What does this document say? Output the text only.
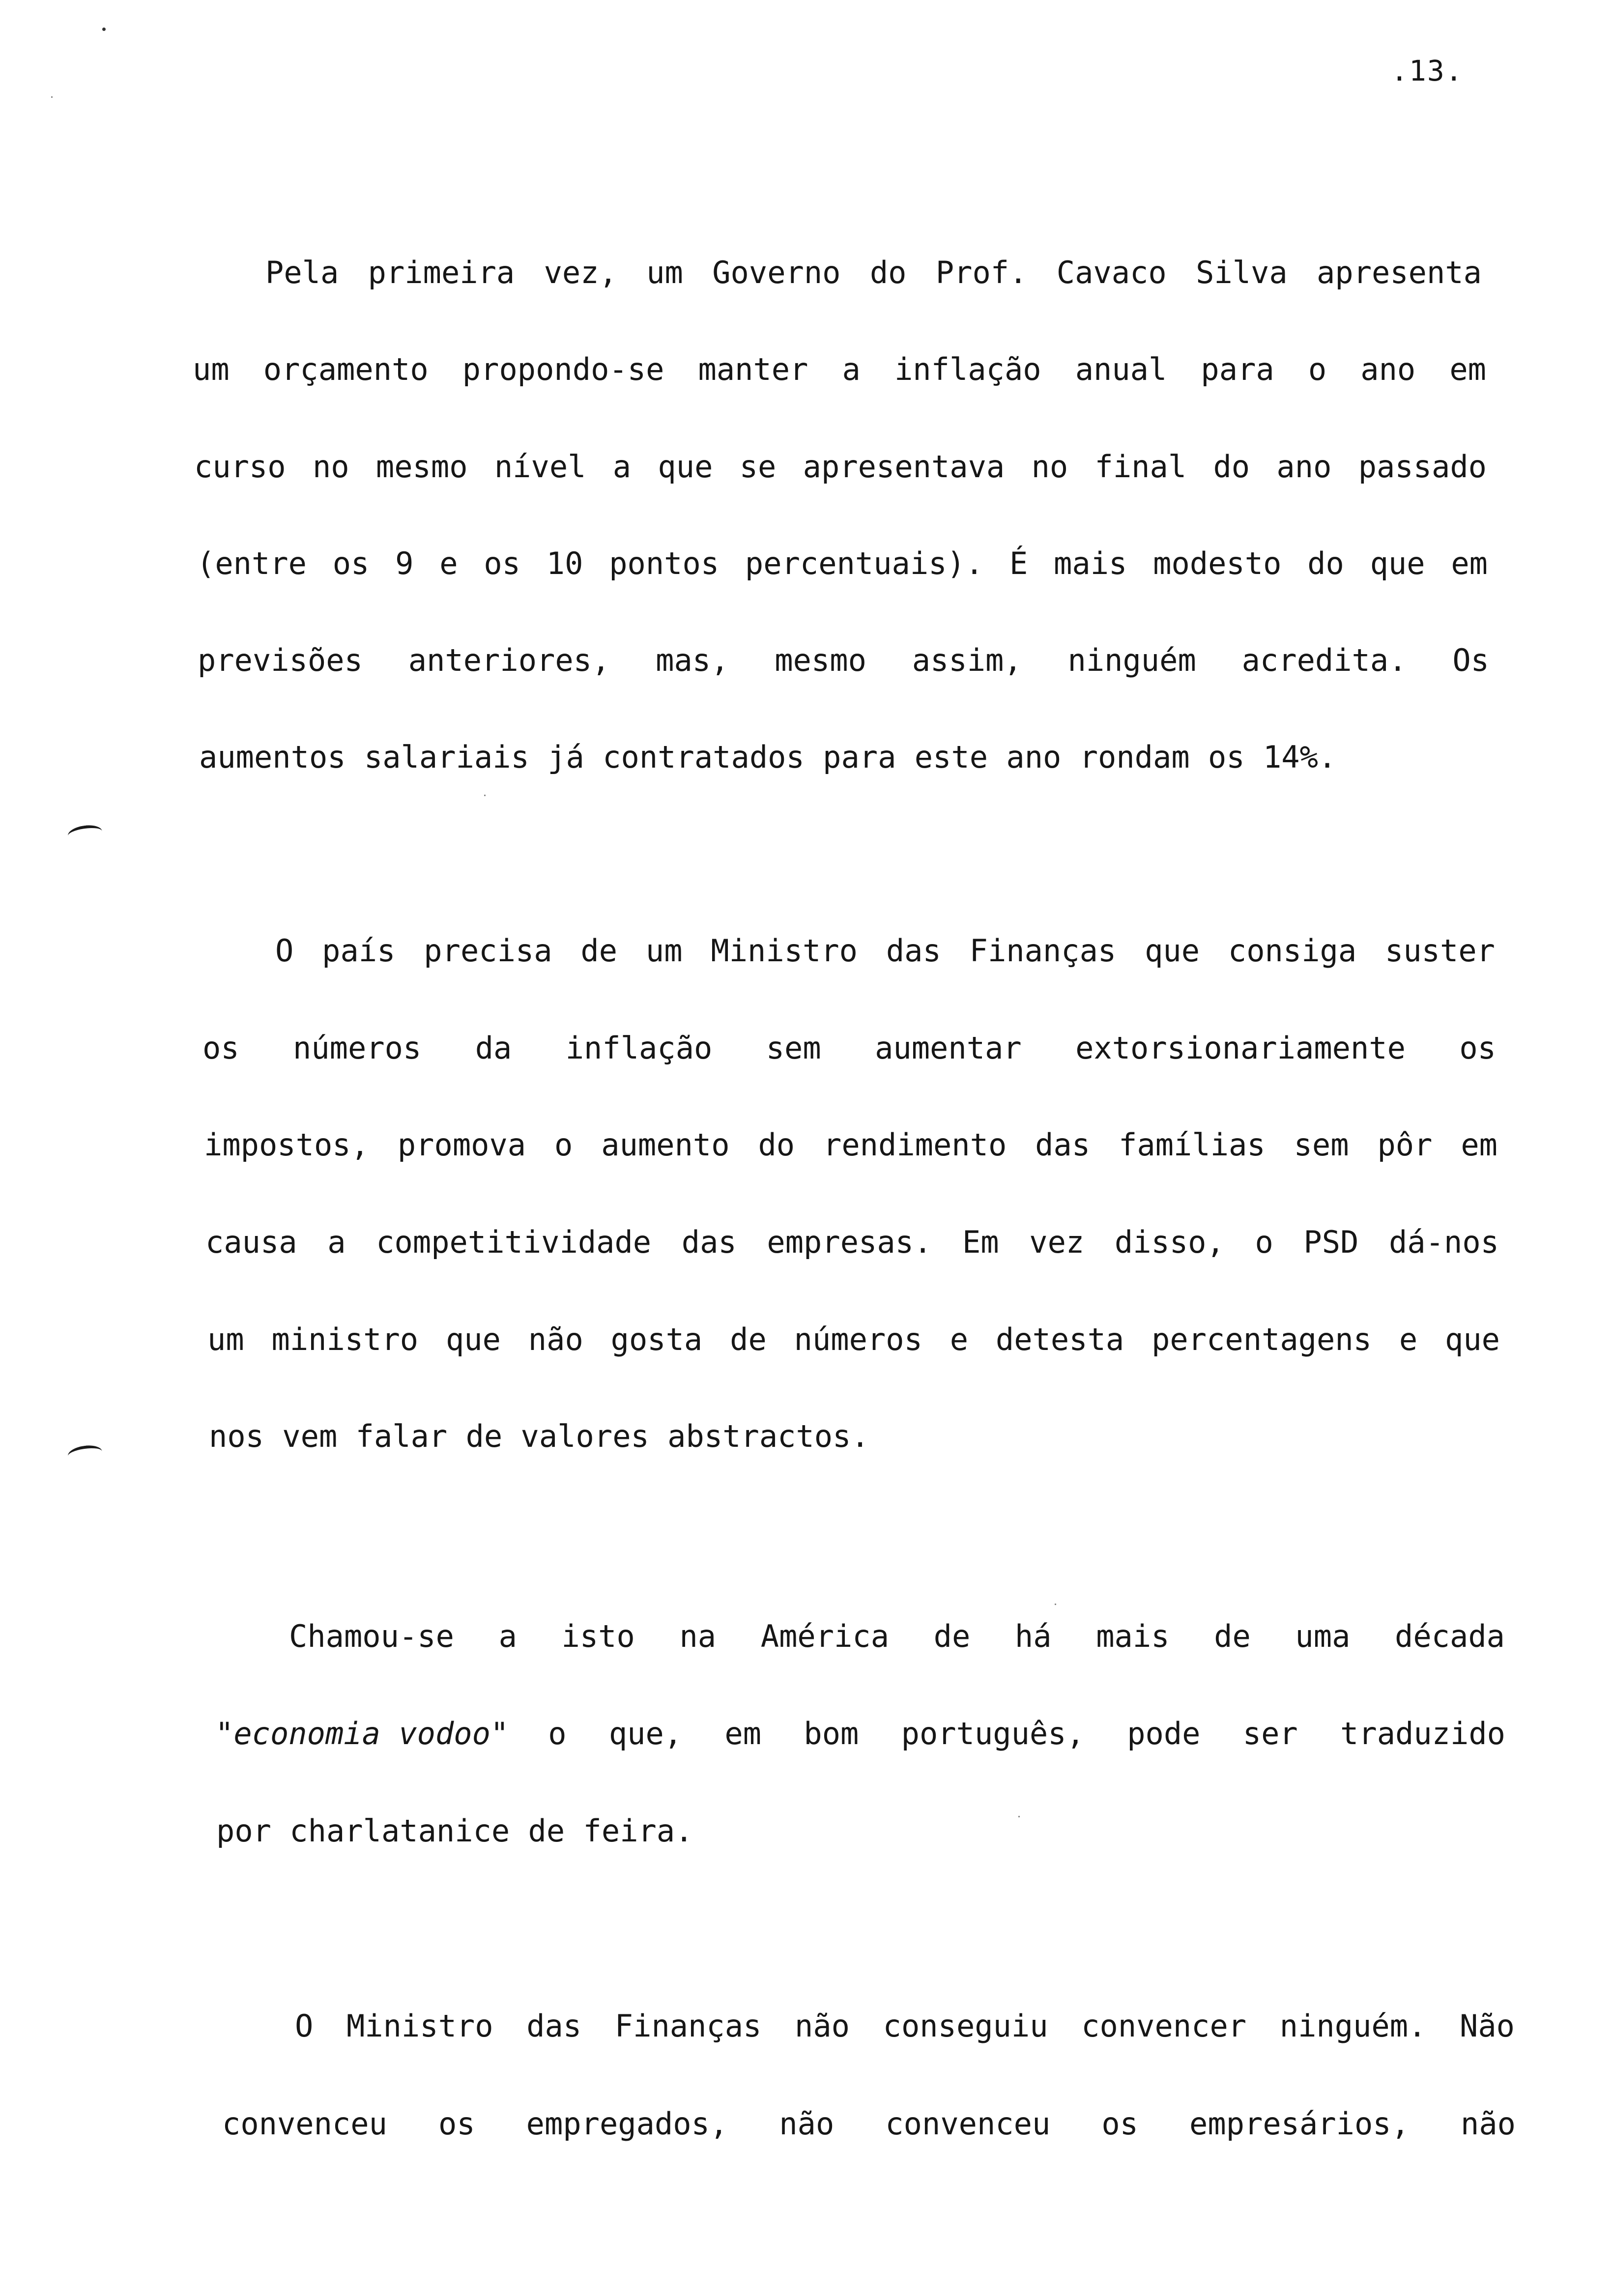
.13.
Pela primeira vez, um Governo do Prof. Cavaco Silva apresenta
um orçamento propondo-se manter a inflação anual para o ano em
curso no mesmo nível a que se apresentava no final do ano passado
(entre os 9 e os 10 pontos percentuais). É mais modesto do que em
previsões anteriores, mas, mesmo assim, ninguém acredita. Os
aumentos salariais já contratados para este ano rondam os 14%.
O país precisa de um Ministro das Finanças que consiga suster
os números da inflação sem aumentar extorsionariamente os
impostos, promova o aumento do rendimento das famílias sem pôr em
causa a competitividade das empresas. Em vez disso, o PSD dá-nos
um ministro que não gosta de números e detesta percentagens e que
nos vem falar de valores abstractos.
Chamou-se a isto na América de há mais de uma década
"economia vodoo" o que, em bom português, pode ser traduzido
por charlatanice de feira.
O Ministro das Finanças não conseguiu convencer ninguém. Não
convenceu os empregados, não convenceu os empresários, não
